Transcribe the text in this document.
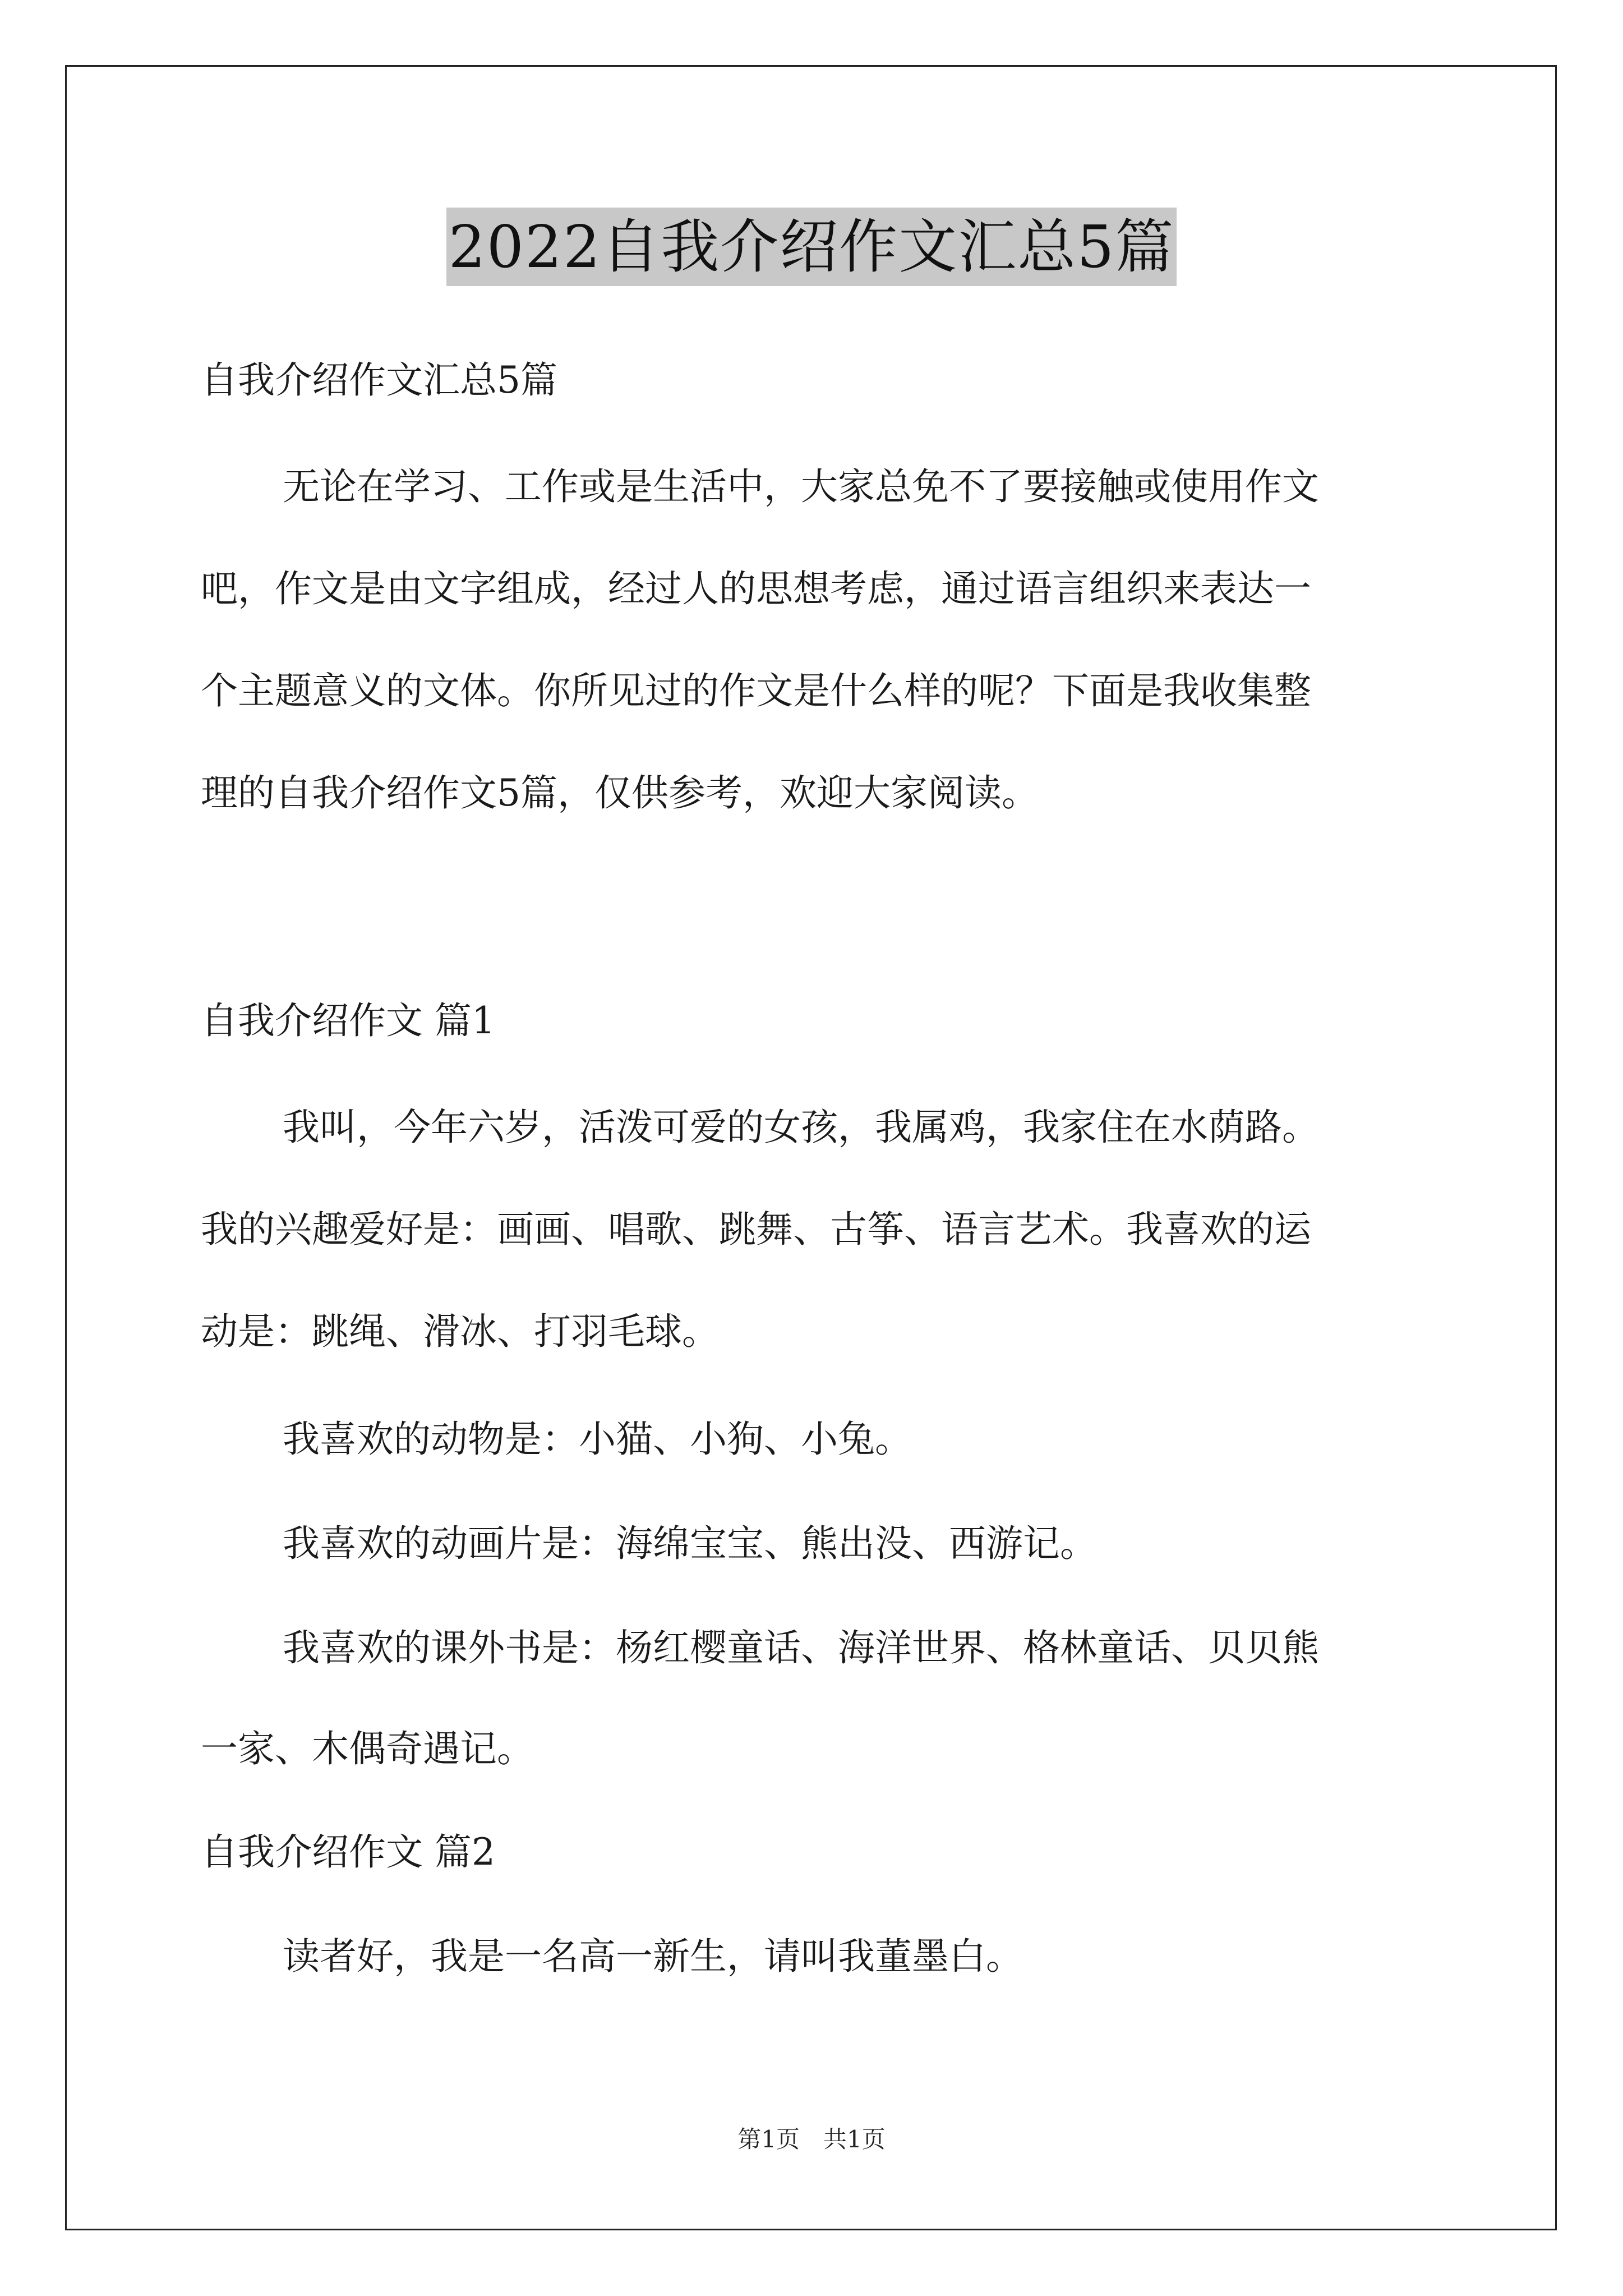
2022自我介绍作文汇总5篇
自我介绍作文汇总5篇
无论在学习、工作或是生活中，大家总免不了要接触或使用作文
吧，作文是由文字组成，经过人的思想考虑，通过语言组织来表达一
个主题意义的文体。你所见过的作文是什么样的呢？下面是我收集整
理的自我介绍作文5篇，仅供参考，欢迎大家阅读。
自我介绍作文 篇1
我叫，今年六岁，活泼可爱的女孩，我属鸡，我家住在水荫路。
我的兴趣爱好是：画画、唱歌、跳舞、古筝、语言艺术。我喜欢的运
动是：跳绳、滑冰、打羽毛球。
我喜欢的动物是：小猫、小狗、小兔。
我喜欢的动画片是：海绵宝宝、熊出没、西游记。
我喜欢的课外书是：杨红樱童话、海洋世界、格林童话、贝贝熊
一家、木偶奇遇记。
自我介绍作文 篇2
读者好，我是一名高一新生，请叫我董墨白。
第1页　共1页
